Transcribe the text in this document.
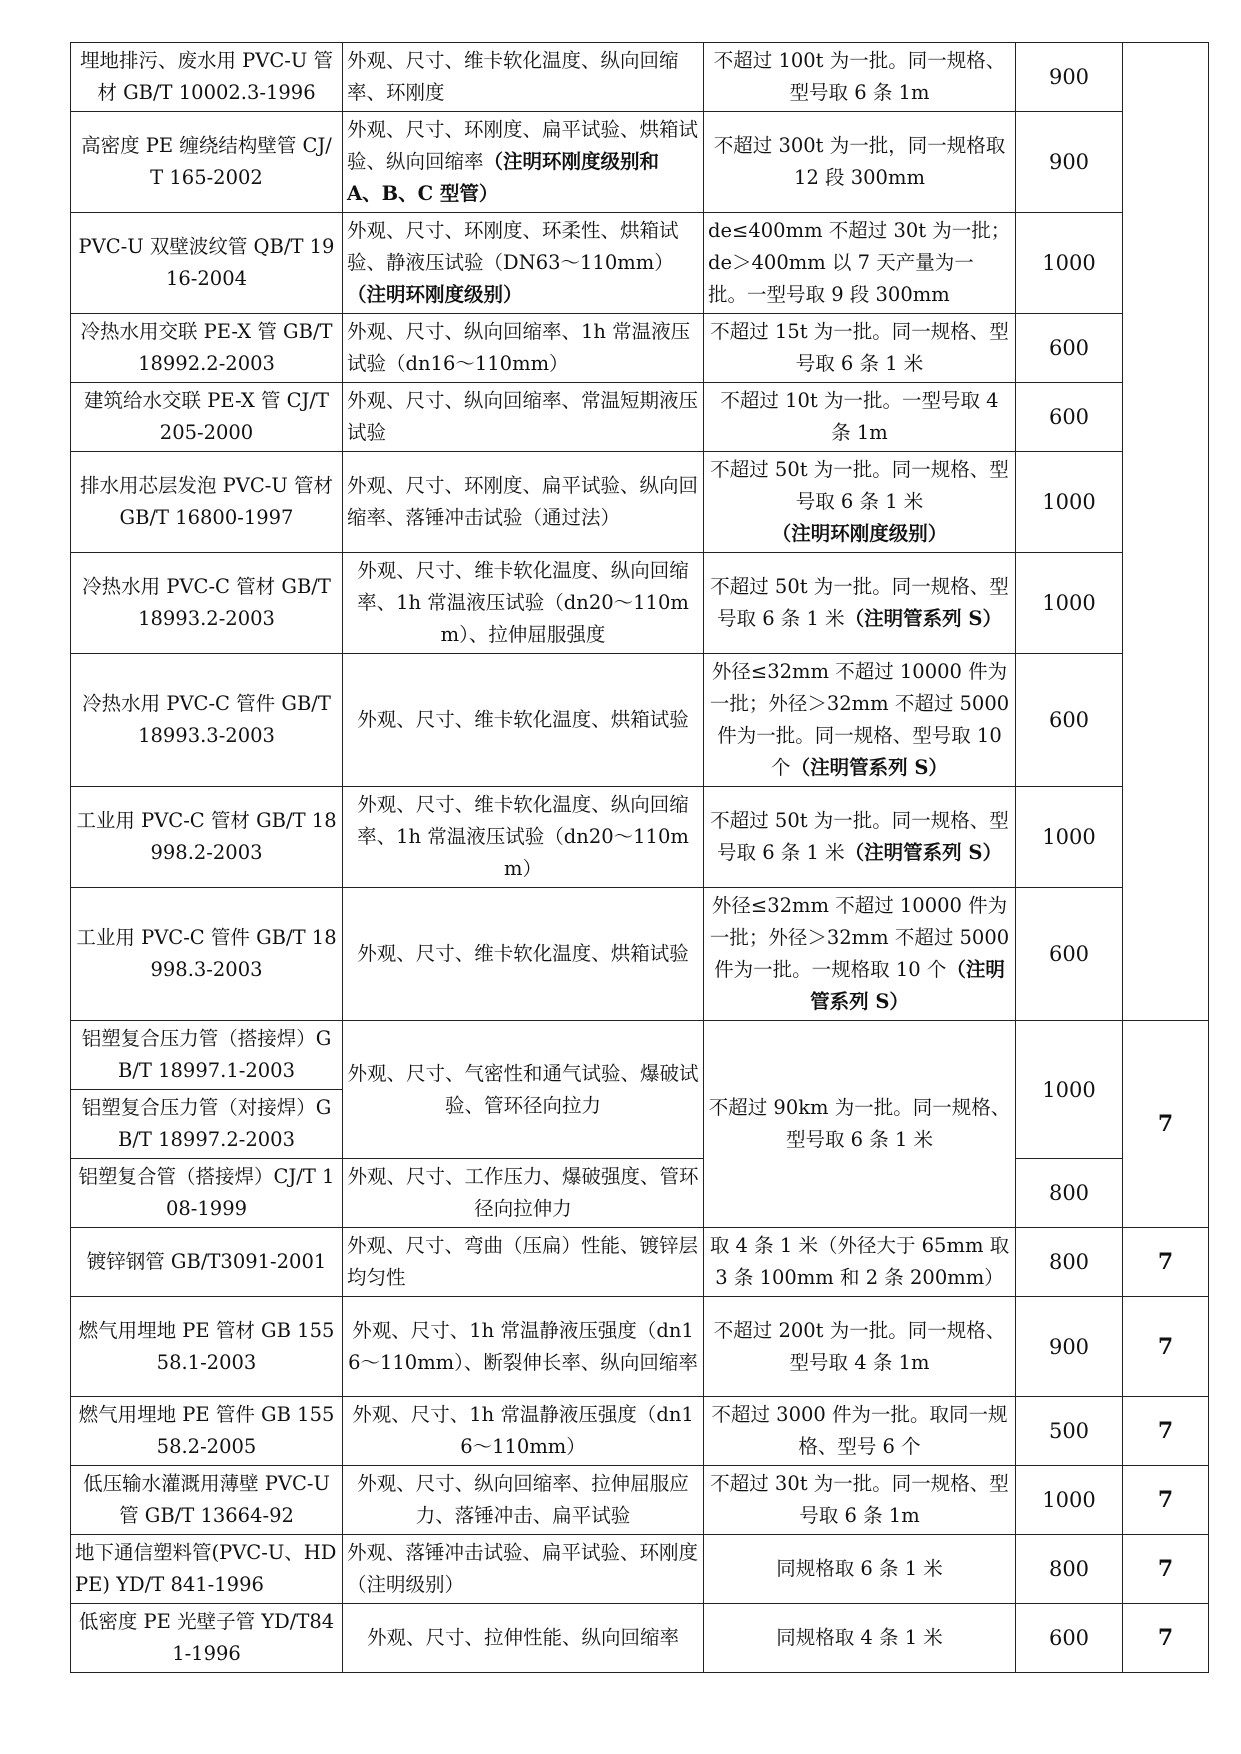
埋地排污、废水用 PVC-U 管材 GB/T 10002.3-1996	外观、尺寸、维卡软化温度、纵向回缩率、环刚度	不超过 100t 为一批。同一规格、型号取 6 条 1m	900	
高密度 PE 缠绕结构壁管 CJ/T 165-2002	外观、尺寸、环刚度、扁平试验、烘箱试验、纵向回缩率（注明环刚度级别和 A、B、C 型管）	不超过 300t 为一批，同一规格取 12 段 300mm	900	
PVC-U 双壁波纹管 QB/T 1916-2004	外观、尺寸、环刚度、环柔性、烘箱试验、静液压试验（DN63～110mm）（注明环刚度级别）	de≤400mm 不超过 30t 为一批；de＞400mm 以 7 天产量为一批。一型号取 9 段 300mm	1000	
冷热水用交联 PE-X 管 GB/T 18992.2-2003	外观、尺寸、纵向回缩率、1h 常温液压试验（dn16～110mm）	不超过 15t 为一批。同一规格、型号取 6 条 1 米	600	
建筑给水交联 PE-X 管 CJ/T 205-2000	外观、尺寸、纵向回缩率、常温短期液压试验	不超过 10t 为一批。一型号取 4 条 1m	600	
排水用芯层发泡 PVC-U 管材 GB/T 16800-1997	外观、尺寸、环刚度、扁平试验、纵向回缩率、落锤冲击试验（通过法）	不超过 50t 为一批。同一规格、型号取 6 条 1 米（注明环刚度级别）	1000	
冷热水用 PVC-C 管材 GB/T 18993.2-2003	外观、尺寸、维卡软化温度、纵向回缩率、1h 常温液压试验（dn20～110mm）、拉伸屈服强度	不超过 50t 为一批。同一规格、型号取 6 条 1 米（注明管系列 S）	1000	
冷热水用 PVC-C 管件 GB/T 18993.3-2003	外观、尺寸、维卡软化温度、烘箱试验	外径≤32mm 不超过 10000 件为一批；外径＞32mm 不超过 5000 件为一批。同一规格、型号取 10 个（注明管系列 S）	600	
工业用 PVC-C 管材 GB/T 18998.2-2003	外观、尺寸、维卡软化温度、纵向回缩率、1h 常温液压试验（dn20～110mm）	不超过 50t 为一批。同一规格、型号取 6 条 1 米（注明管系列 S）	1000	
工业用 PVC-C 管件 GB/T 18998.3-2003	外观、尺寸、维卡软化温度、烘箱试验	外径≤32mm 不超过 10000 件为一批；外径＞32mm 不超过 5000 件为一批。一规格取 10 个（注明管系列 S）	600	
铝塑复合压力管（搭接焊）GB/T 18997.1-2003	外观、尺寸、气密性和通气试验、爆破试验、管环径向拉力	不超过 90km 为一批。同一规格、型号取 6 条 1 米	1000	7
铝塑复合压力管（对接焊）GB/T 18997.2-2003				
铝塑复合管（搭接焊）CJ/T 108-1999	外观、尺寸、工作压力、爆破强度、管环径向拉伸力		800	
镀锌钢管 GB/T3091-2001	外观、尺寸、弯曲（压扁）性能、镀锌层均匀性	取 4 条 1 米（外径大于 65mm 取 3 条 100mm 和 2 条 200mm）	800	7
燃气用埋地 PE 管材 GB 15558.1-2003	外观、尺寸、1h 常温静液压强度（dn16～110mm）、断裂伸长率、纵向回缩率	不超过 200t 为一批。同一规格、型号取 4 条 1m	900	7
燃气用埋地 PE 管件 GB 15558.2-2005	外观、尺寸、1h 常温静液压强度（dn16～110mm）	不超过 3000 件为一批。取同一规格、型号 6 个	500	7
低压输水灌溉用薄壁 PVC-U 管 GB/T 13664-92	外观、尺寸、纵向回缩率、拉伸屈服应力、落锤冲击、扁平试验	不超过 30t 为一批。同一规格、型号取 6 条 1m	1000	7
地下通信塑料管(PVC-U、HDPE) YD/T 841-1996	外观、落锤冲击试验、扁平试验、环刚度（注明级别）	同规格取 6 条 1 米	800	7
低密度 PE 光壁子管 YD/T841-1996	外观、尺寸、拉伸性能、纵向回缩率	同规格取 4 条 1 米	600	7
